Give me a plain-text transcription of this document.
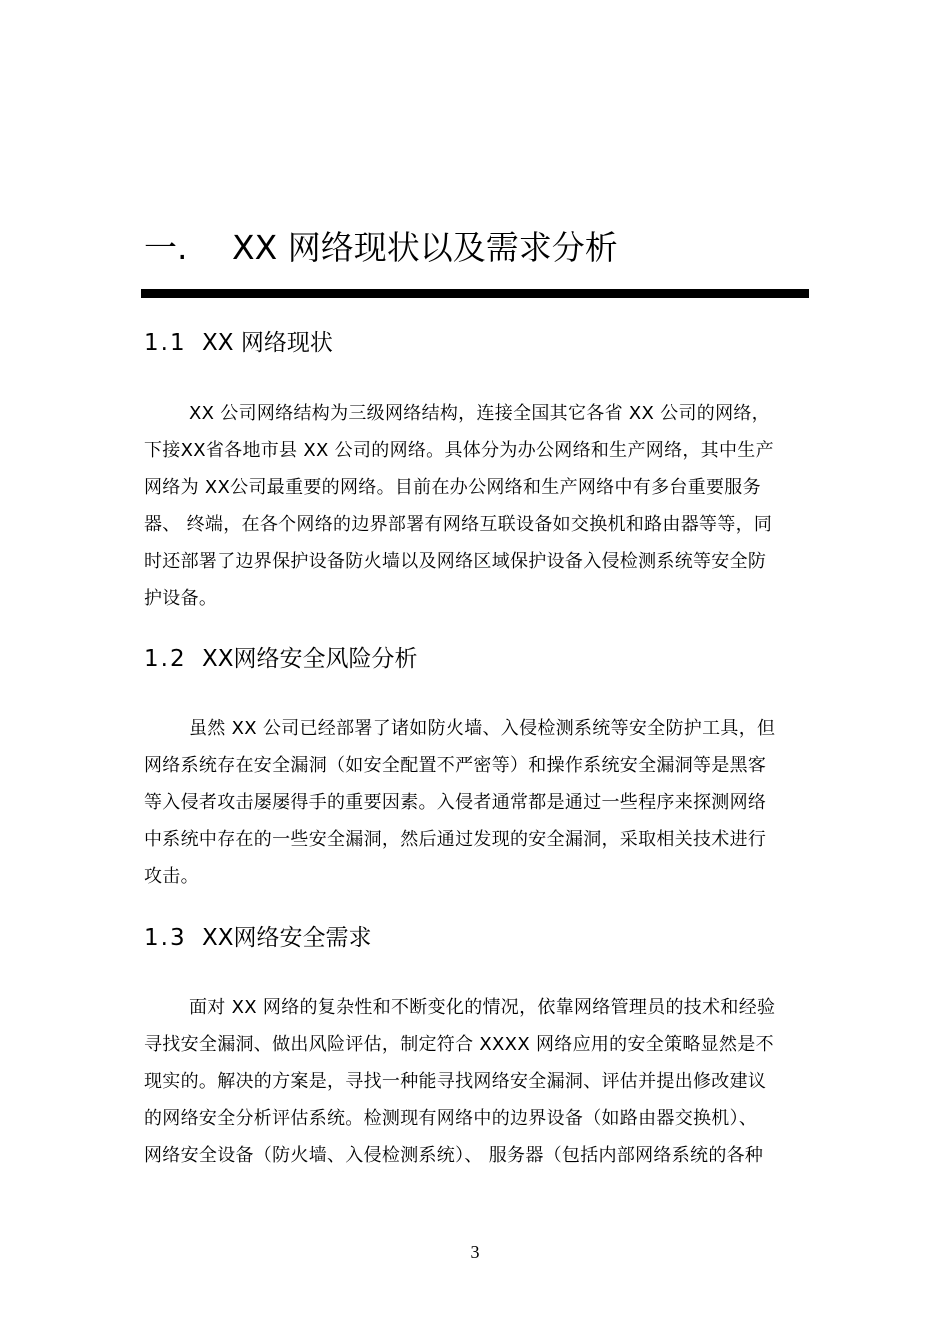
一. XX 网络现状以及需求分析
1.1 XX 网络现状
XX 公司网络结构为三级网络结构，连接全国其它各省 XX 公司的网络，
下接XX省各地市县 XX 公司的网络。具体分为办公网络和生产网络，其中生产
网络为 XX公司最重要的网络。目前在办公网络和生产网络中有多台重要服务
器、 终端，在各个网络的边界部署有网络互联设备如交换机和路由器等等，同
时还部署了边界保护设备防火墙以及网络区域保护设备入侵检测系统等安全防
护设备。
1.2 XX网络安全风险分析
虽然 XX 公司已经部署了诸如防火墙、入侵检测系统等安全防护工具，但
网络系统存在安全漏洞（如安全配置不严密等）和操作系统安全漏洞等是黑客
等入侵者攻击屡屡得手的重要因素。入侵者通常都是通过一些程序来探测网络
中系统中存在的一些安全漏洞，然后通过发现的安全漏洞，采取相关技术进行
攻击。
1.3 XX网络安全需求
面对 XX 网络的复杂性和不断变化的情况，依靠网络管理员的技术和经验
寻找安全漏洞、做出风险评估，制定符合 XXXX 网络应用的安全策略显然是不
现实的。解决的方案是，寻找一种能寻找网络安全漏洞、评估并提出修改建议
的网络安全分析评估系统。检测现有网络中的边界设备（如路由器交换机）、
网络安全设备（防火墙、入侵检测系统）、 服务器（包括内部网络系统的各种
3
